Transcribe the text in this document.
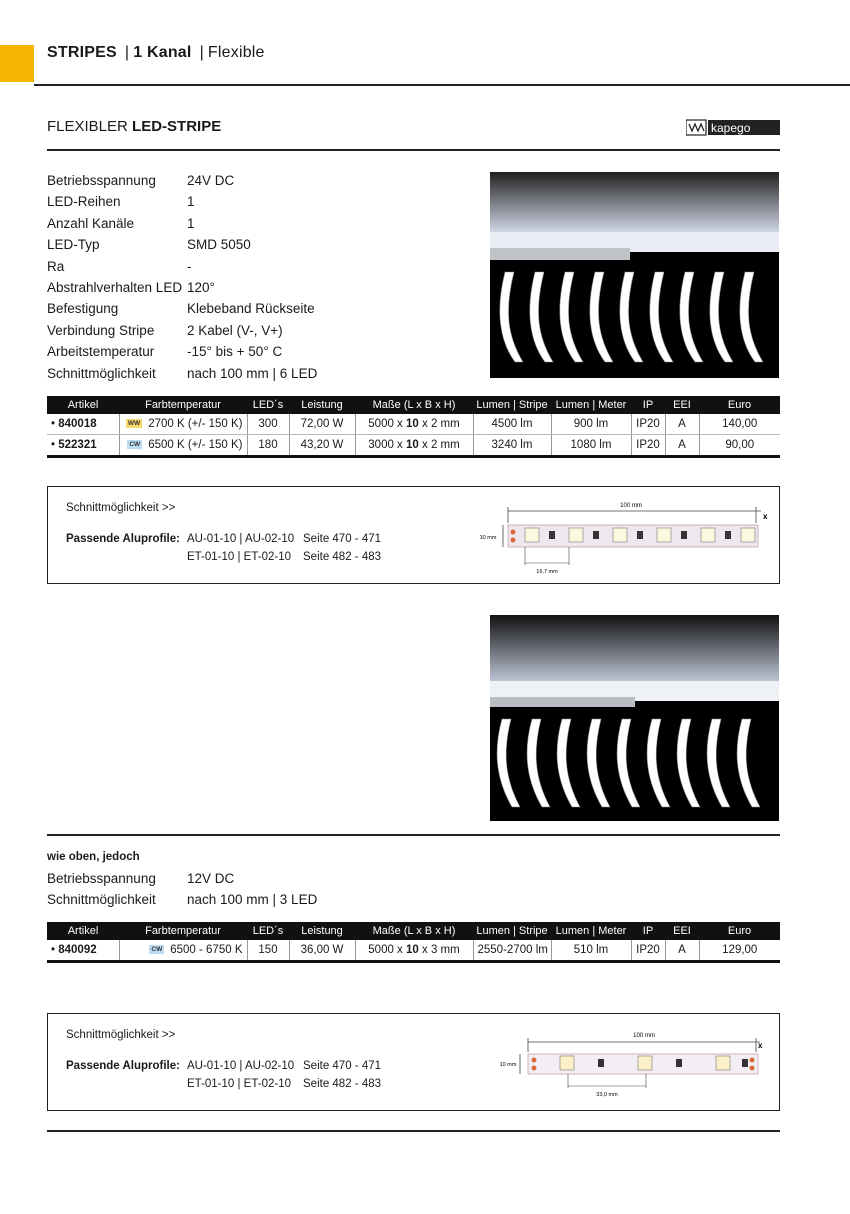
STRIPES | 1 Kanal | Flexible
FLEXIBLER LED-STRIPE	kapego
Betriebsspannung	24V DC
LED-Reihen	1
Anzahl Kanäle	1
LED-Typ	SMD 5050
Ra	-
Abstrahlverhalten LED 120°
Befestigung	Klebeband Rückseite
Verbindung Stripe	2 Kabel (V-, V+)
Arbeitstemperatur	-15° bis + 50° C
Schnittmöglichkeit	nach 100 mm | 6 LED
Artikel	Farbtemperatur	LED´s	Leistung	Maße (L x B x H)	Lumen | Stripe	Lumen | Meter	IP	EEI	Euro
• 840018	WW 2700 K (+/- 150 K)	300	72,00 W	5000 x 10 x 2 mm	4500 lm	900 lm	IP20	A	140,00
• 522321	CW 6500 K (+/- 150 K)	180	43,20 W	3000 x 10 x 2 mm	3240 lm	1080 lm	IP20	A	90,00
Schnittmöglichkeit >>
Passende Aluprofile: AU-01-10 | AU-02-10 Seite 470 - 471
ET-01-10 | ET-02-10 Seite 482 - 483
100 mm
x
10 mm
16,7 mm
wie oben, jedoch
Betriebsspannung	12V DC
Schnittmöglichkeit	nach 100 mm | 3 LED
Artikel	Farbtemperatur	LED´s	Leistung	Maße (L x B x H)	Lumen | Stripe	Lumen | Meter	IP	EEI	Euro
• 840092	CW 6500 - 6750 K	150	36,00 W	5000 x 10 x 3 mm	2550-2700 lm	510 lm	IP20	A	129,00
Schnittmöglichkeit >>
Passende Aluprofile: AU-01-10 | AU-02-10 Seite 470 - 471
ET-01-10 | ET-02-10 Seite 482 - 483
100 mm
x
10 mm
33,0 mm
